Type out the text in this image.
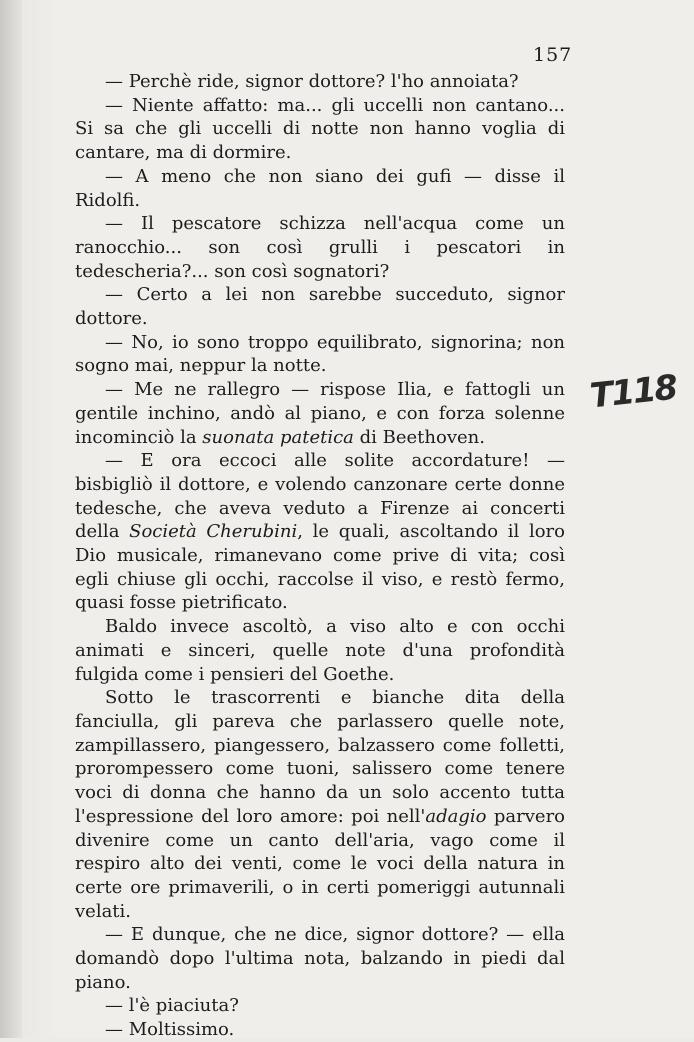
157

— Perchè ride, signor dottore? l'ho annoiata?

— Niente affatto: ma... gli uccelli non cantano... Si sa che gli uccelli di notte non hanno voglia di cantare, ma di dormire.

— A meno che non siano dei gufi — disse il Ridolfi.

— Il pescatore schizza nell'acqua come un ranocchio... son così grulli i pescatori in tedescheria?... son così sognatori?

— Certo a lei non sarebbe succeduto, signor dottore.

— No, io sono troppo equilibrato, signorina; non sogno mai, neppur la notte.

— Me ne rallegro — rispose Ilia, e fattogli un gentile inchino, andò al piano, e con forza solenne incominciò la suonata patetica di Beethoven.

— E ora eccoci alle solite accordature! — bisbigliò il dottore, e volendo canzonare certe donne tedesche, che aveva veduto a Firenze ai concerti della Società Cherubini, le quali, ascoltando il loro Dio musicale, rimanevano come prive di vita; così egli chiuse gli occhi, raccolse il viso, e restò fermo, quasi fosse pietrificato.

Baldo invece ascoltò, a viso alto e con occhi animati e sinceri, quelle note d'una profondità fulgida come i pensieri del Goethe.

Sotto le trascorrenti e bianche dita della fanciulla, gli pareva che parlassero quelle note, zampillassero, piangessero, balzassero come folletti, prorompessero come tuoni, salissero come tenere voci di donna che hanno da un solo accento tutta l'espressione del loro amore: poi nell'adagio parvero divenire come un canto dell'aria, vago come il respiro alto dei venti, come le voci della natura in certe ore primaverili, o in certi pomeriggi autunnali velati.

— E dunque, che ne dice, signor dottore? — ella domandò dopo l'ultima nota, balzando in piedi dal piano.

— l'è piaciuta?

— Moltissimo.

T118
